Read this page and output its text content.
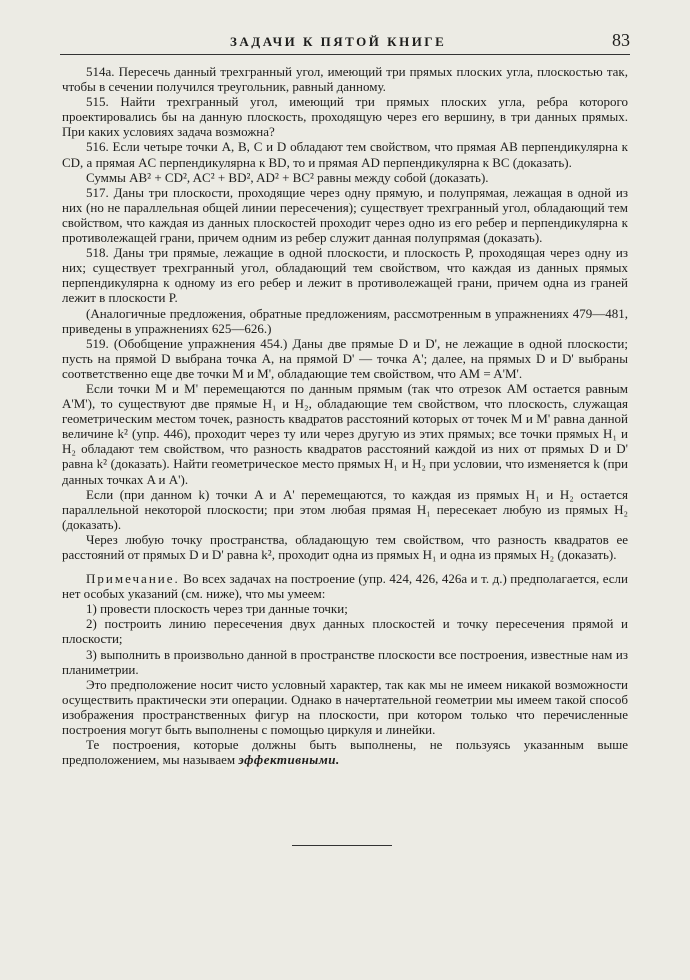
ЗАДАЧИ К ПЯТОЙ КНИГЕ	83

514а. Пересечь данный трехгранный угол, имеющий три прямых плоских угла, плоскостью так, чтобы в сечении получился треугольник, равный данному.

515. Найти трехгранный угол, имеющий три прямых плоских угла, ребра которого проектировались бы на данную плоскость, проходящую через его вершину, в три данных прямых. При каких условиях задача возможна?

516. Если четыре точки A, B, C и D обладают тем свойством, что прямая AB перпендикулярна к CD, а прямая AC перпендикулярна к BD, то и прямая AD перпендикулярна к BC (доказать).

Суммы AB² + CD², AC² + BD², AD² + BC² равны между собой (доказать).

517. Даны три плоскости, проходящие через одну прямую, и полупрямая, лежащая в одной из них (но не параллельная общей линии пересечения); существует трехгранный угол, обладающий тем свойством, что каждая из данных плоскостей проходит через одно из его ребер и перпендикулярна к противолежащей грани, причем одним из ребер служит данная полупрямая (доказать).

518. Даны три прямые, лежащие в одной плоскости, и плоскость P, проходящая через одну из них; существует трехгранный угол, обладающий тем свойством, что каждая из данных прямых перпендикулярна к одному из его ребер и лежит в противолежащей грани, причем одна из граней лежит в плоскости P.

(Аналогичные предложения, обратные предложениям, рассмотренным в упражнениях 479—481, приведены в упражнениях 625—626.)

519. (Обобщение упражнения 454.) Даны две прямые D и D', не лежащие в одной плоскости; пусть на прямой D выбрана точка A, на прямой D' — точка A'; далее, на прямых D и D' выбраны соответственно еще две точки M и M', обладающие тем свойством, что AM = A'M'.

Если точки M и M' перемещаются по данным прямым (так что отрезок AM остается равным A'M'), то существуют две прямые H₁ и H₂, обладающие тем свойством, что плоскость, служащая геометрическим местом точек, разность квадратов расстояний которых от точек M и M' равна данной величине k² (упр. 446), проходит через ту или через другую из этих прямых; все точки прямых H₁ и H₂ обладают тем свойством, что разность квадратов расстояний каждой из них от прямых D и D' равна k² (доказать). Найти геометрическое место прямых H₁ и H₂ при условии, что изменяется k (при данных точках A и A').

Если (при данном k) точки A и A' перемещаются, то каждая из прямых H₁ и H₂ остается параллельной некоторой плоскости; при этом любая прямая H₁ пересекает любую из прямых H₂ (доказать).

Через любую точку пространства, обладающую тем свойством, что разность квадратов ее расстояний от прямых D и D' равна k², проходит одна из прямых H₁ и одна из прямых H₂ (доказать).

Примечание. Во всех задачах на построение (упр. 424, 426, 426а и т. д.) предполагается, если нет особых указаний (см. ниже), что мы умеем:

1) провести плоскость через три данные точки;

2) построить линию пересечения двух данных плоскостей и точку пересечения прямой и плоскости;

3) выполнить в произвольно данной в пространстве плоскости все построения, известные нам из планиметрии.

Это предположение носит чисто условный характер, так как мы не имеем никакой возможности осуществить практически эти операции. Однако в начертательной геометрии мы имеем такой способ изображения пространственных фигур на плоскости, при котором только что перечисленные построения могут быть выполнены с помощью циркуля и линейки.

Те построения, которые должны быть выполнены, не пользуясь указанным выше предположением, мы называем эффективными.
